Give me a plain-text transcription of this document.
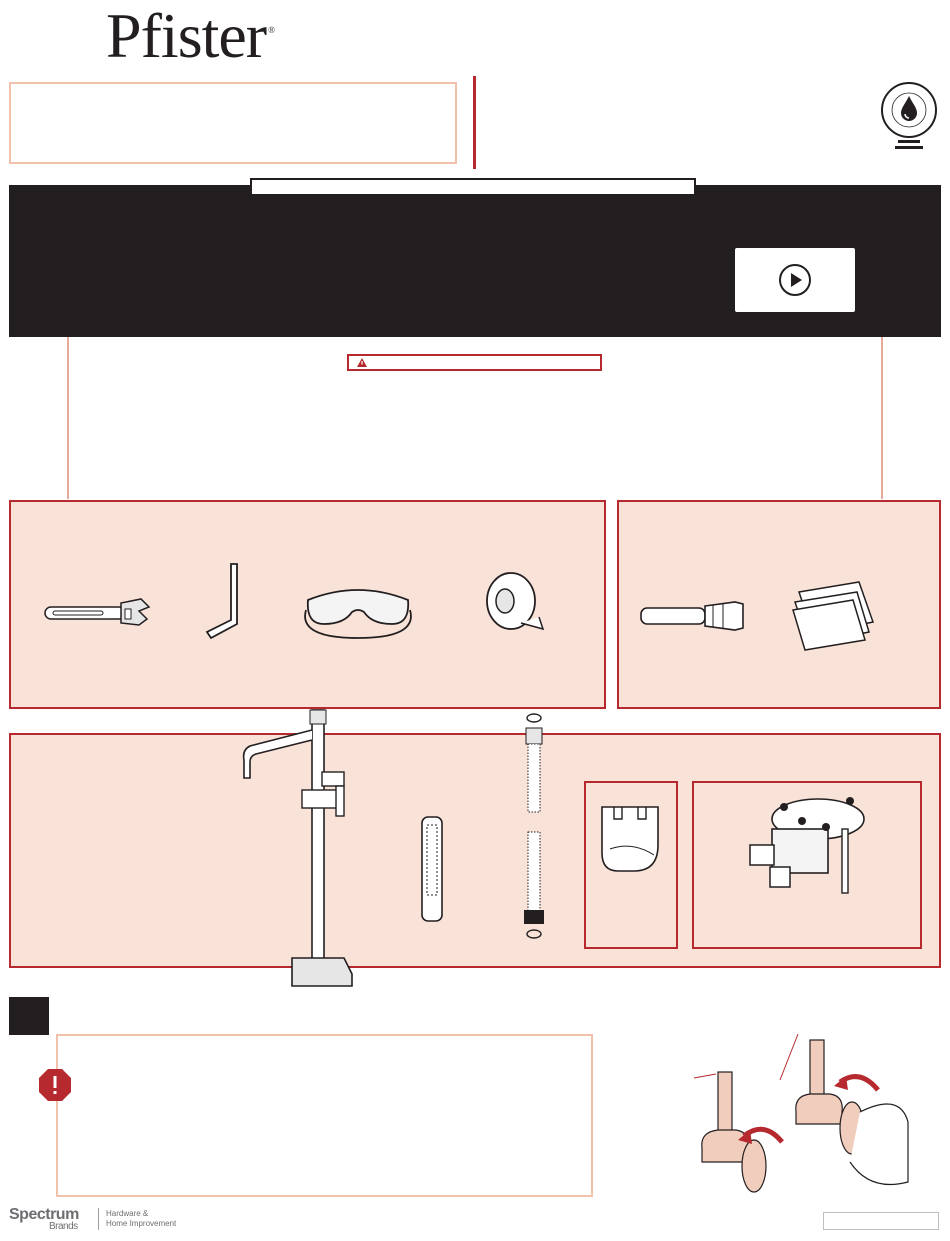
Pfister ®
Spectrum
Brands
Hardware &
Home Improvement
